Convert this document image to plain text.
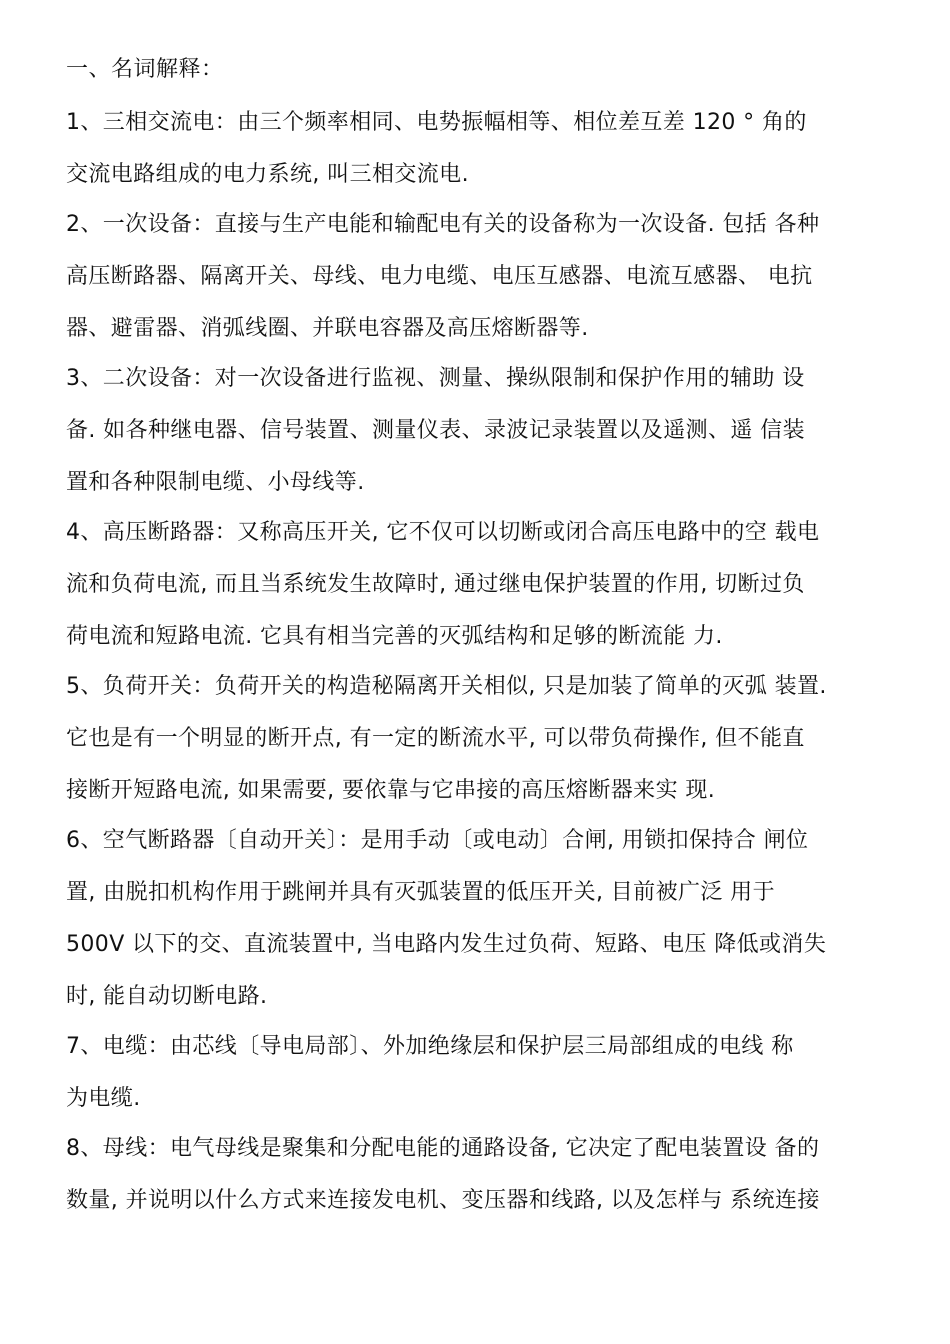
一、名词解释：
1、三相交流电：由三个频率相同、电势振幅相等、相位差互差 120 ° 角的
交流电路组成的电力系统, 叫三相交流电.
2、一次设备：直接与生产电能和输配电有关的设备称为一次设备. 包括 各种
高压断路器、隔离开关、母线、电力电缆、电压互感器、电流互感器、 电抗
器、避雷器、消弧线圈、并联电容器及高压熔断器等.
3、二次设备：对一次设备进行监视、测量、操纵限制和保护作用的辅助 设
备. 如各种继电器、信号装置、测量仪表、录波记录装置以及遥测、遥 信装
置和各种限制电缆、小母线等.
4、高压断路器：又称高压开关, 它不仅可以切断或闭合高压电路中的空 载电
流和负荷电流, 而且当系统发生故障时, 通过继电保护装置的作用, 切断过负
荷电流和短路电流. 它具有相当完善的灭弧结构和足够的断流能 力.
5、负荷开关：负荷开关的构造秘隔离开关相似, 只是加装了简单的灭弧 装置.
它也是有一个明显的断开点, 有一定的断流水平, 可以带负荷操作, 但不能直
接断开短路电流, 如果需要, 要依靠与它串接的高压熔断器来实 现.
6、空气断路器〔自动开关〕：是用手动〔或电动〕合闸, 用锁扣保持合 闸位
置, 由脱扣机构作用于跳闸并具有灭弧装置的低压开关, 目前被广泛 用于
500V 以下的交、直流装置中, 当电路内发生过负荷、短路、电压 降低或消失
时, 能自动切断电路.
7、电缆：由芯线〔导电局部〕、外加绝缘层和保护层三局部组成的电线 称
为电缆.
8、母线：电气母线是聚集和分配电能的通路设备, 它决定了配电装置设 备的
数量, 并说明以什么方式来连接发电机、变压器和线路, 以及怎样与 系统连接
